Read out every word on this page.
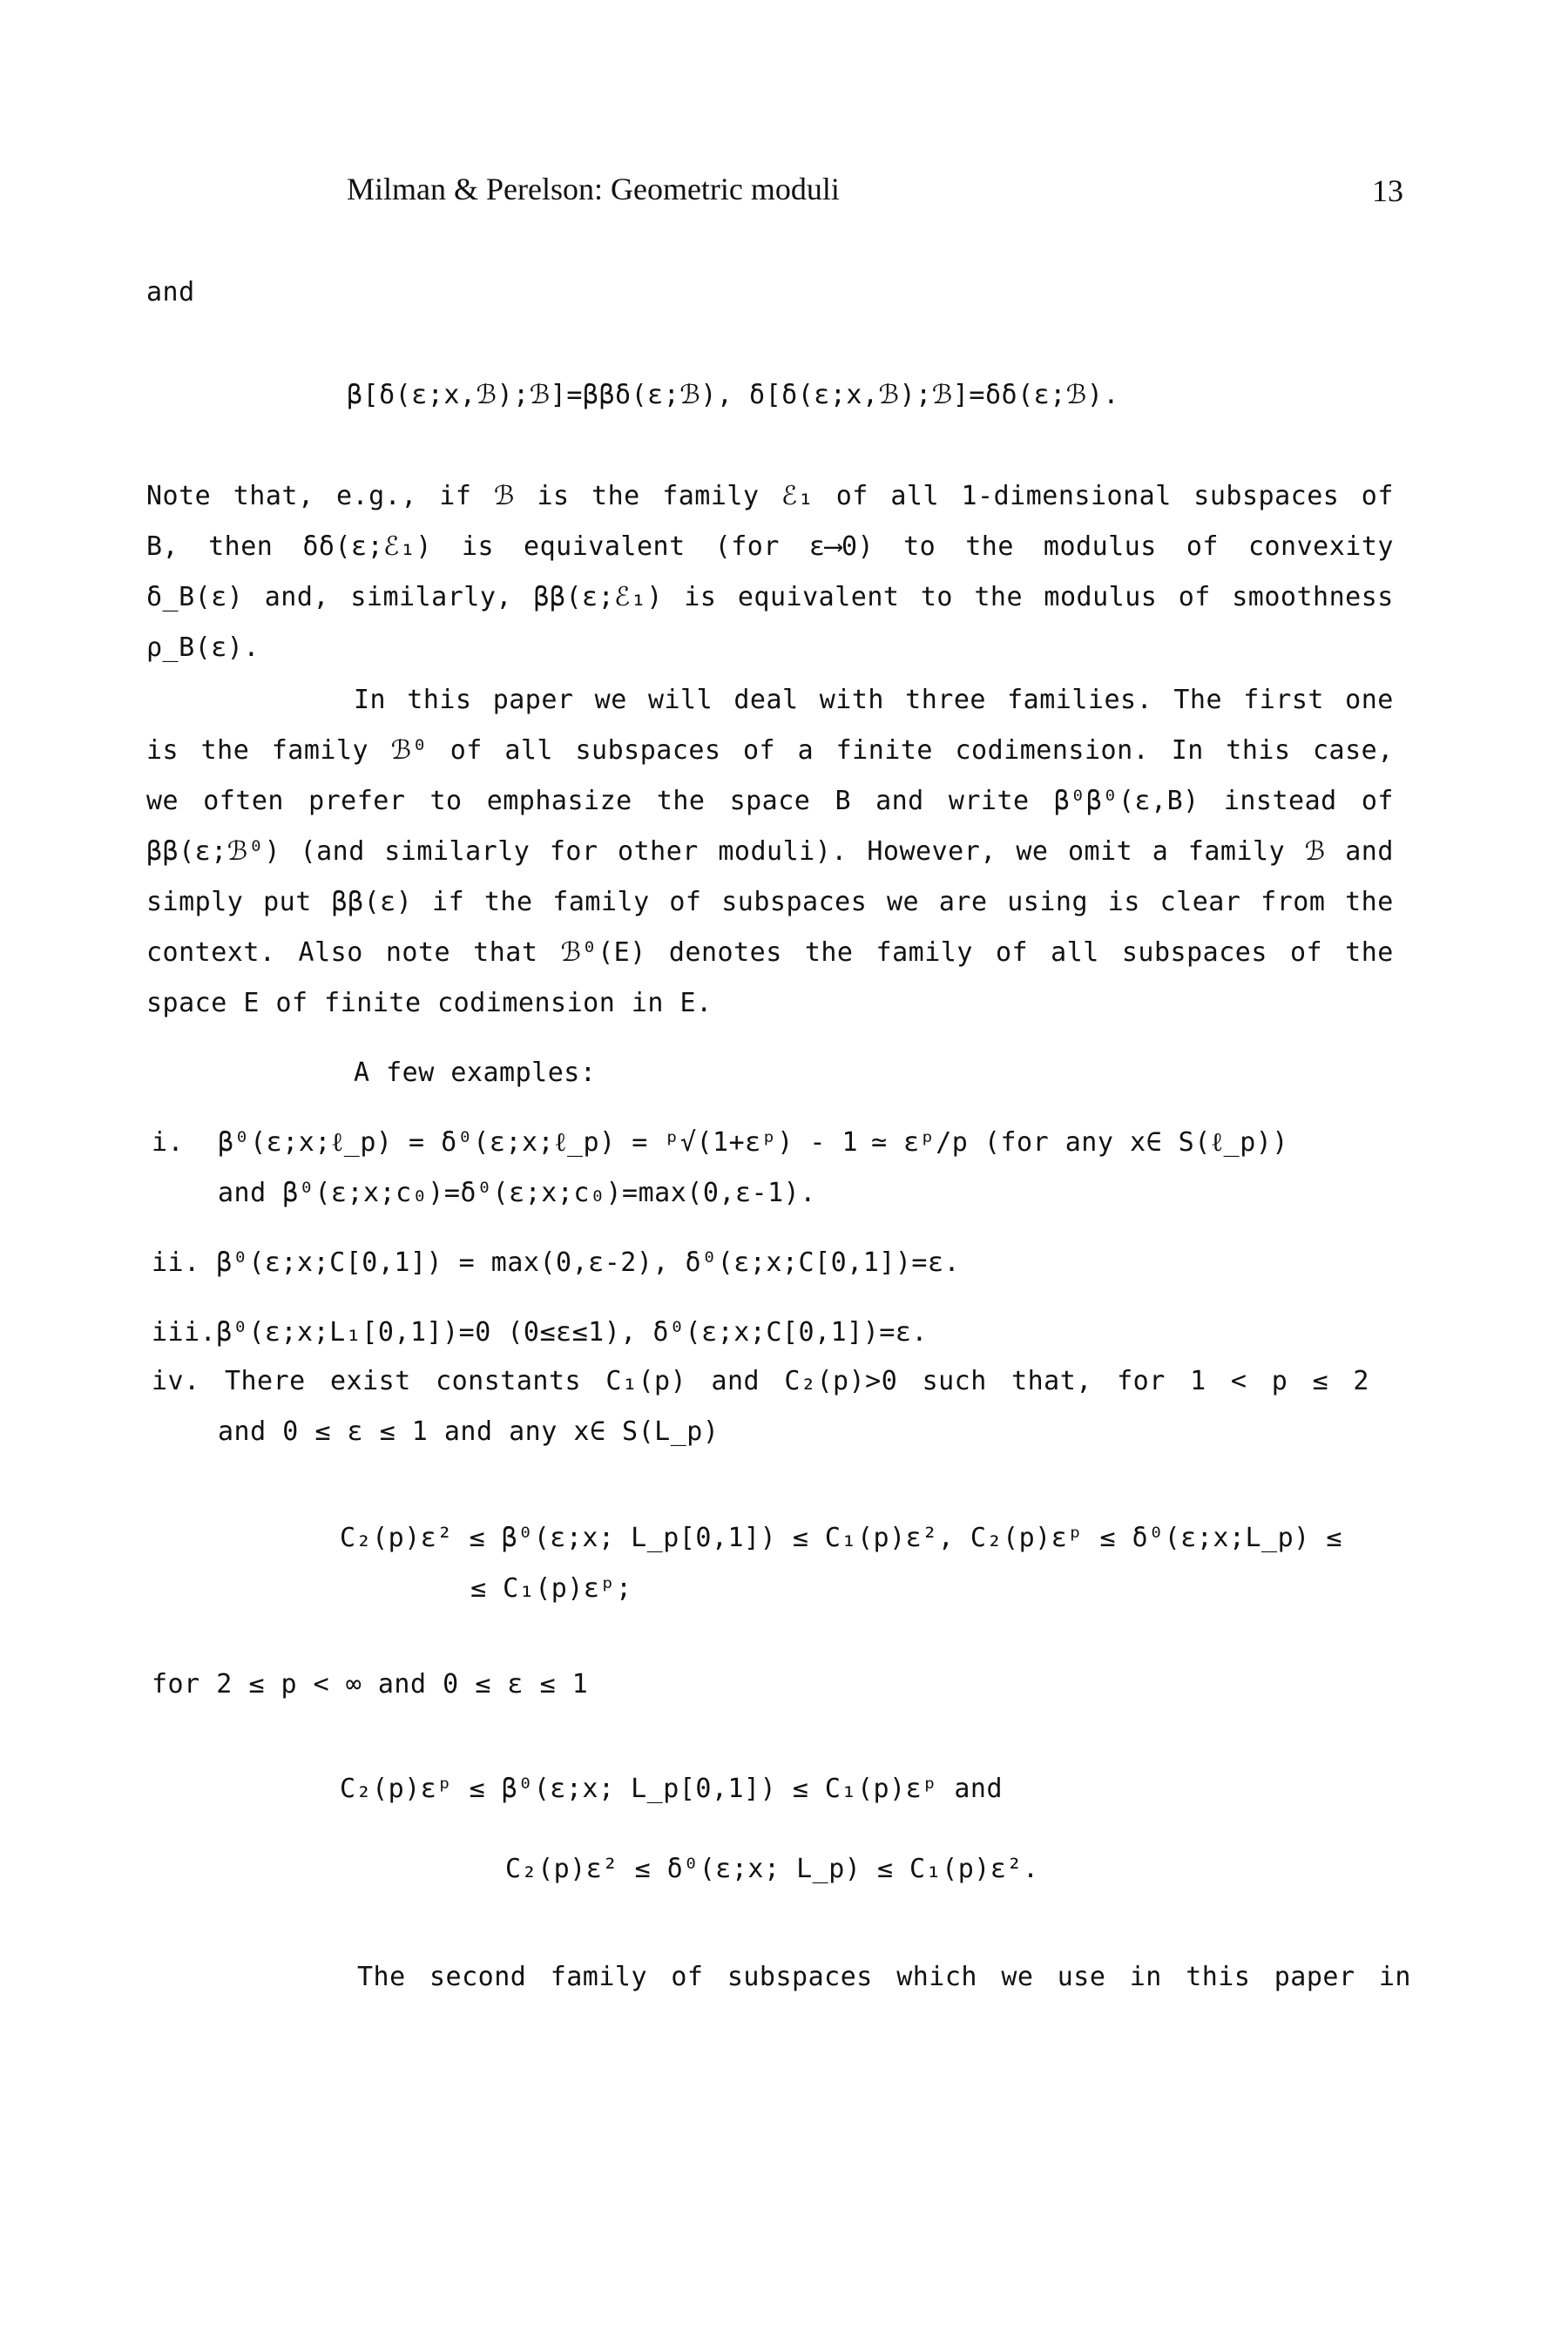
Milman & Perelson: Geometric moduli	13
and
β[δ(ε;x,ℬ);ℬ]=ββδ(ε;ℬ), δ[δ(ε;x,ℬ);ℬ]=δδ(ε;ℬ).
Note that, e.g., if ℬ is the family ℰ₁ of all 1-dimensional subspaces of
B, then δδ(ε;ℰ₁) is equivalent (for ε⟶0) to the modulus of convexity
δ_B(ε) and, similarly, ββ(ε;ℰ₁) is equivalent to the modulus of smoothness
ρ_B(ε).
In this paper we will deal with three families. The first one
is the family ℬ⁰ of all subspaces of a finite codimension. In this case,
we often prefer to emphasize the space B and write β⁰β⁰(ε,B) instead of
ββ(ε;ℬ⁰) (and similarly for other moduli). However, we omit a family ℬ and
simply put ββ(ε) if the family of subspaces we are using is clear from the
context. Also note that ℬ⁰(E) denotes the family of all subspaces of the
space E of finite codimension in E.
A few examples:
i. β⁰(ε;x;ℓ_p) = δ⁰(ε;x;ℓ_p) = ᵖ√(1+εᵖ) - 1 ≃ εᵖ/p (for any x∈ S(ℓ_p))
and β⁰(ε;x;c₀)=δ⁰(ε;x;c₀)=max(0,ε-1).
ii. β⁰(ε;x;C[0,1]) = max(0,ε-2), δ⁰(ε;x;C[0,1])=ε.
iii.β⁰(ε;x;L₁[0,1])=0 (0≤ε≤1), δ⁰(ε;x;C[0,1])=ε.
iv. There exist constants C₁(p) and C₂(p)>0 such that, for 1 < p ≤ 2
and 0 ≤ ε ≤ 1 and any x∈ S(L_p)
C₂(p)ε² ≤ β⁰(ε;x; L_p[0,1]) ≤ C₁(p)ε², C₂(p)εᵖ ≤ δ⁰(ε;x;L_p) ≤
≤ C₁(p)εᵖ;
for 2 ≤ p < ∞ and 0 ≤ ε ≤ 1
C₂(p)εᵖ ≤ β⁰(ε;x; L_p[0,1]) ≤ C₁(p)εᵖ and
C₂(p)ε² ≤ δ⁰(ε;x; L_p) ≤ C₁(p)ε².
The second family of subspaces which we use in this paper in
